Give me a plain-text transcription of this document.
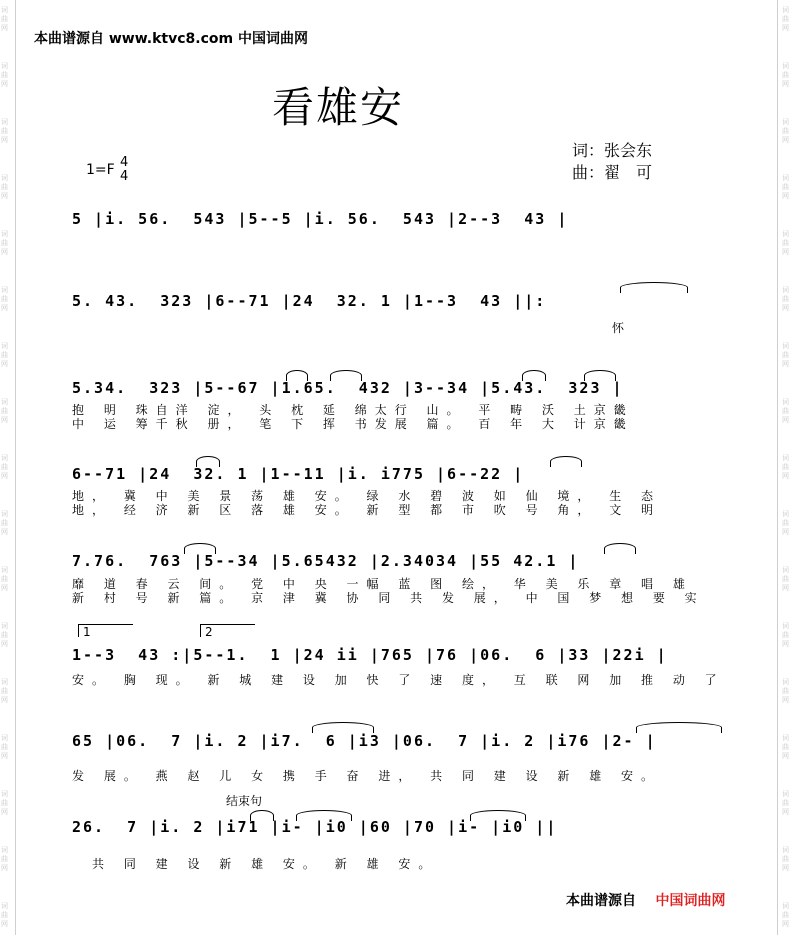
词
曲
网
词
曲
网
词
曲
网
词
曲
网
词
曲
网
词
曲
网
词
曲
网
词
曲
网
词
曲
网
词
曲
网
词
曲
网
词
曲
网
词
曲
网
词
曲
网
词
曲
网
词
曲
网
词
曲
网
词
曲
网
词
曲
网
词
曲
网
词
曲
网
词
曲
网
词
曲
网
词
曲
网
词
曲
网
词
曲
网
词
曲
网
词
曲
网
词
曲
网
词
曲
网
词
曲
网
词
曲
网
词
曲
网
词
曲
网
本曲谱源自 www.ktvc8.com 中国词曲网
看雄安
1=F 4
4
词：张会东
曲：翟　可
5 |i. 56.  543 |5--5 |i. 56.  543 |2--3  43 |
5. 43.  323 |6--71 |24  32. 1 |1--3  43 ||:
怀
5.34.  323 |5--67 |1.65.  432 |3--34 |5.43.  323 |
抱 明 珠自洋 淀， 头 枕 延 绵太行 山。 平 畴 沃 土京畿
中 运 筹千秋 册， 笔 下 挥 书发展 篇。 百 年 大 计京畿
6--71 |24  32. 1 |1--11 |i. i775 |6--22 |
地， 冀 中 美 景 荡 雄 安。 绿 水 碧 波 如 仙 境， 生 态
地， 经 济 新 区 落 雄 安。 新 型 都 市 吹 号 角， 文 明
7.76.  763 |5--34 |5.65432 |2.34034 |55 42.1 |
靡 道 春 云 间。 党 中 央 一幅 蓝 图 绘， 华 美 乐 章 唱 雄
新 村 号 新 篇。 京 津 冀 协 同 共 发 展， 中 国 梦 想 要 实
1	2
1--3  43 :|5--1.  1 |24 ii |765 |76 |06.  6 |33 |22i |
安。 胸 现。 新 城 建 设 加 快 了 速 度， 互 联 网 加 推 动 了
65 |06.  7 |i. 2 |i7.  6 |i3 |06.  7 |i. 2 |i76 |2- |
发 展。 燕 赵 儿 女 携 手 奋 进， 共 同 建 设 新 雄 安。
结束句
26.  7 |i. 2 |i71 |i- |i0 |60 |70 |i- |i0 ||
共 同 建 设 新 雄 安。 新 雄 安。
本曲谱源自 中国词曲网
